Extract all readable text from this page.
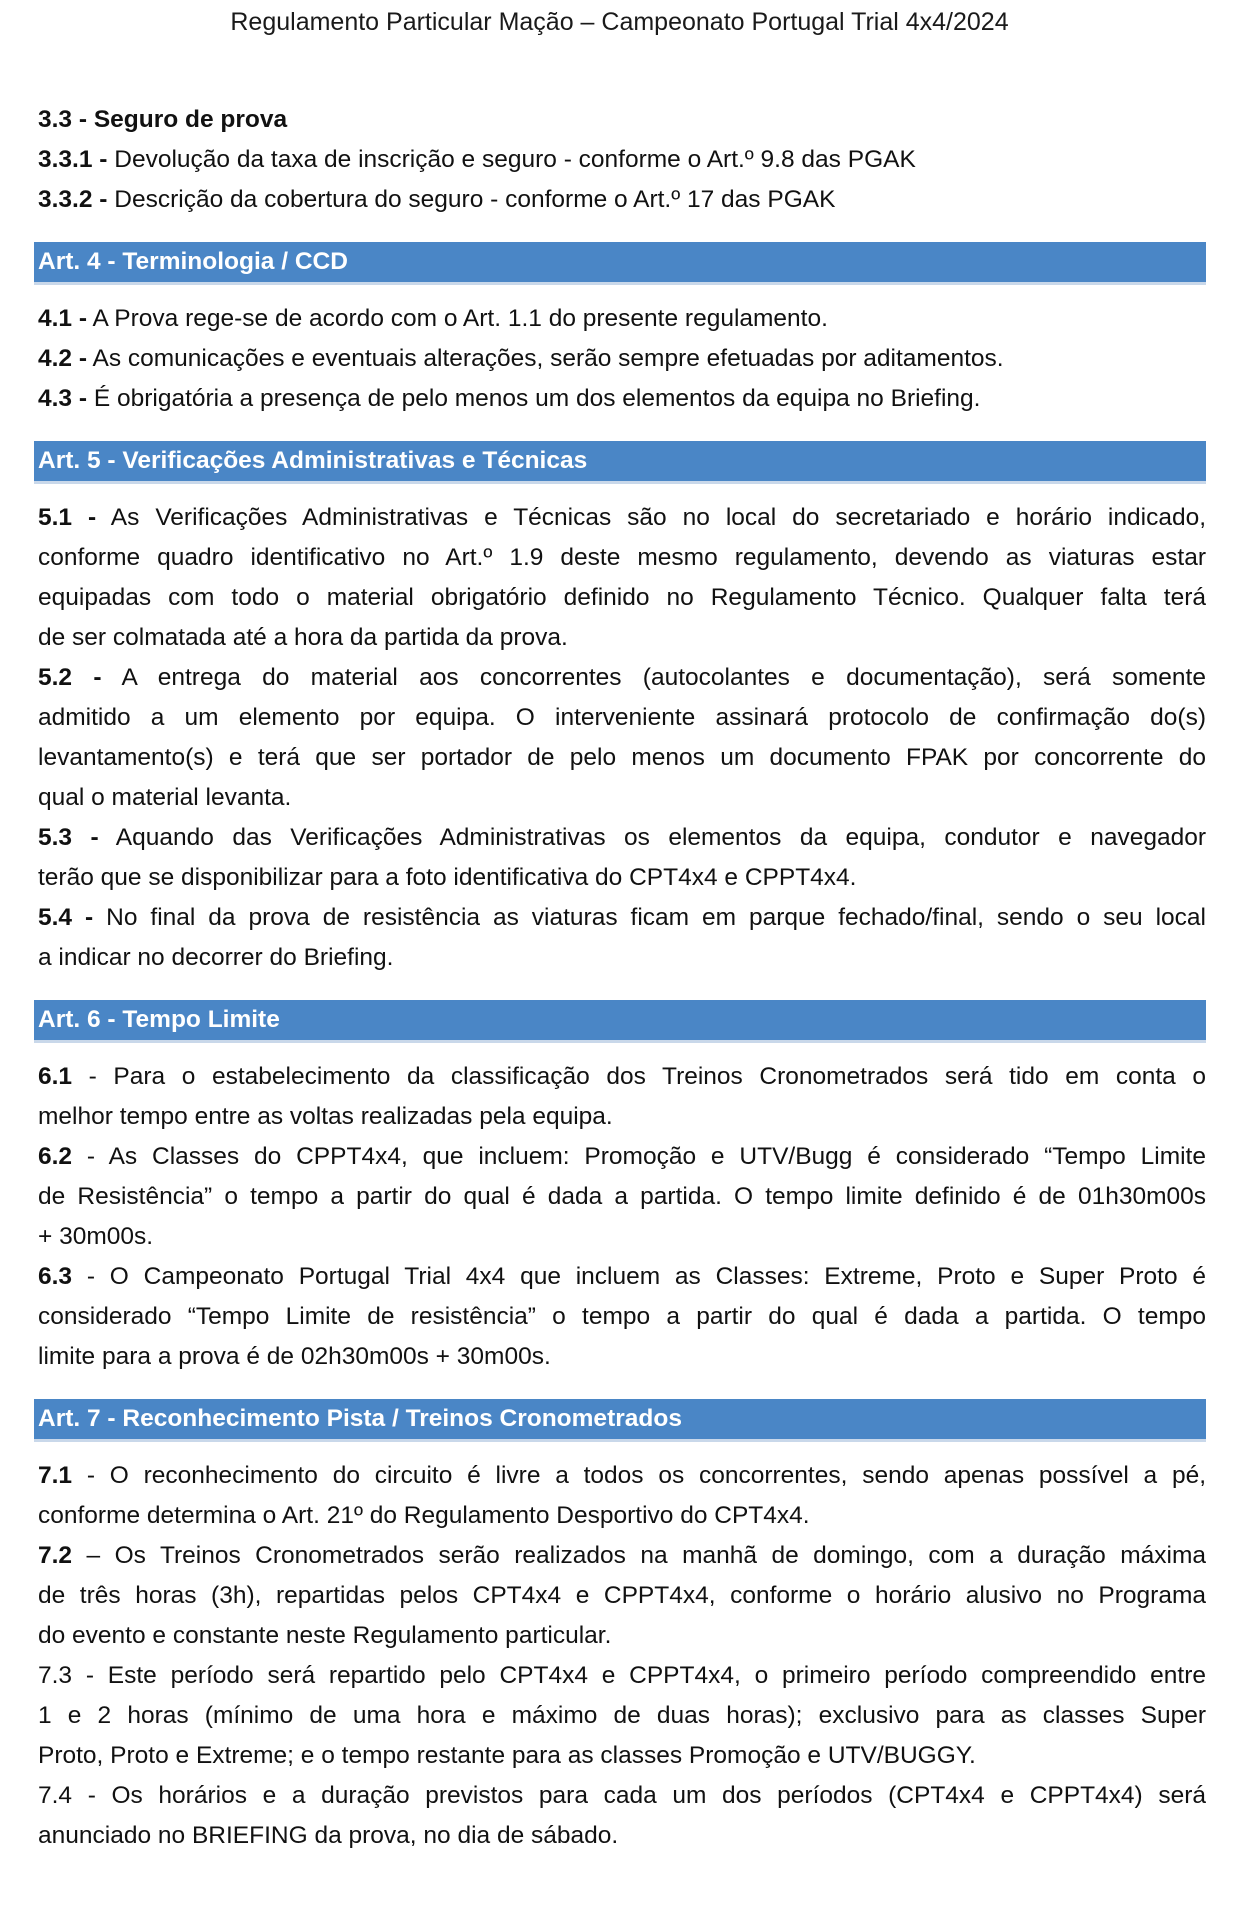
Regulamento Particular Mação – Campeonato Portugal Trial 4x4/2024
3.3 - Seguro de prova
3.3.1 - Devolução da taxa de inscrição e seguro - conforme o Art.º 9.8 das PGAK
3.3.2 - Descrição da cobertura do seguro - conforme o Art.º 17 das PGAK
Art. 4 - Terminologia / CCD
4.1 - A Prova rege-se de acordo com o Art. 1.1 do presente regulamento.
4.2 - As comunicações e eventuais alterações, serão sempre efetuadas por aditamentos.
4.3 - É obrigatória a presença de pelo menos um dos elementos da equipa no Briefing.
Art. 5 - Verificações Administrativas e Técnicas
5.1 - As Verificações Administrativas e Técnicas são no local do secretariado e horário indicado,
conforme quadro identificativo no Art.º 1.9 deste mesmo regulamento, devendo as viaturas estar
equipadas com todo o material obrigatório definido no Regulamento Técnico. Qualquer falta terá
de ser colmatada até a hora da partida da prova.
5.2 - A entrega do material aos concorrentes (autocolantes e documentação), será somente
admitido a um elemento por equipa. O interveniente assinará protocolo de confirmação do(s)
levantamento(s) e terá que ser portador de pelo menos um documento FPAK por concorrente do
qual o material levanta.
5.3 - Aquando das Verificações Administrativas os elementos da equipa, condutor e navegador
terão que se disponibilizar para a foto identificativa do CPT4x4 e CPPT4x4.
5.4 - No final da prova de resistência as viaturas ficam em parque fechado/final, sendo o seu local
a indicar no decorrer do Briefing.
Art. 6 - Tempo Limite
6.1 - Para o estabelecimento da classificação dos Treinos Cronometrados será tido em conta o
melhor tempo entre as voltas realizadas pela equipa.
6.2 - As Classes do CPPT4x4, que incluem: Promoção e UTV/Bugg é considerado “Tempo Limite
de Resistência” o tempo a partir do qual é dada a partida. O tempo limite definido é de 01h30m00s
+ 30m00s.
6.3 - O Campeonato Portugal Trial 4x4 que incluem as Classes: Extreme, Proto e Super Proto é
considerado “Tempo Limite de resistência” o tempo a partir do qual é dada a partida. O tempo
limite para a prova é de 02h30m00s + 30m00s.
Art. 7 - Reconhecimento Pista / Treinos Cronometrados
7.1 - O reconhecimento do circuito é livre a todos os concorrentes, sendo apenas possível a pé,
conforme determina o Art. 21º do Regulamento Desportivo do CPT4x4.
7.2 – Os Treinos Cronometrados serão realizados na manhã de domingo, com a duração máxima
de três horas (3h), repartidas pelos CPT4x4 e CPPT4x4, conforme o horário alusivo no Programa
do evento e constante neste Regulamento particular.
7.3 - Este período será repartido pelo CPT4x4 e CPPT4x4, o primeiro período compreendido entre
1 e 2 horas (mínimo de uma hora e máximo de duas horas); exclusivo para as classes Super
Proto, Proto e Extreme; e o tempo restante para as classes Promoção e UTV/BUGGY.
7.4 - Os horários e a duração previstos para cada um dos períodos (CPT4x4 e CPPT4x4) será
anunciado no BRIEFING da prova, no dia de sábado.
